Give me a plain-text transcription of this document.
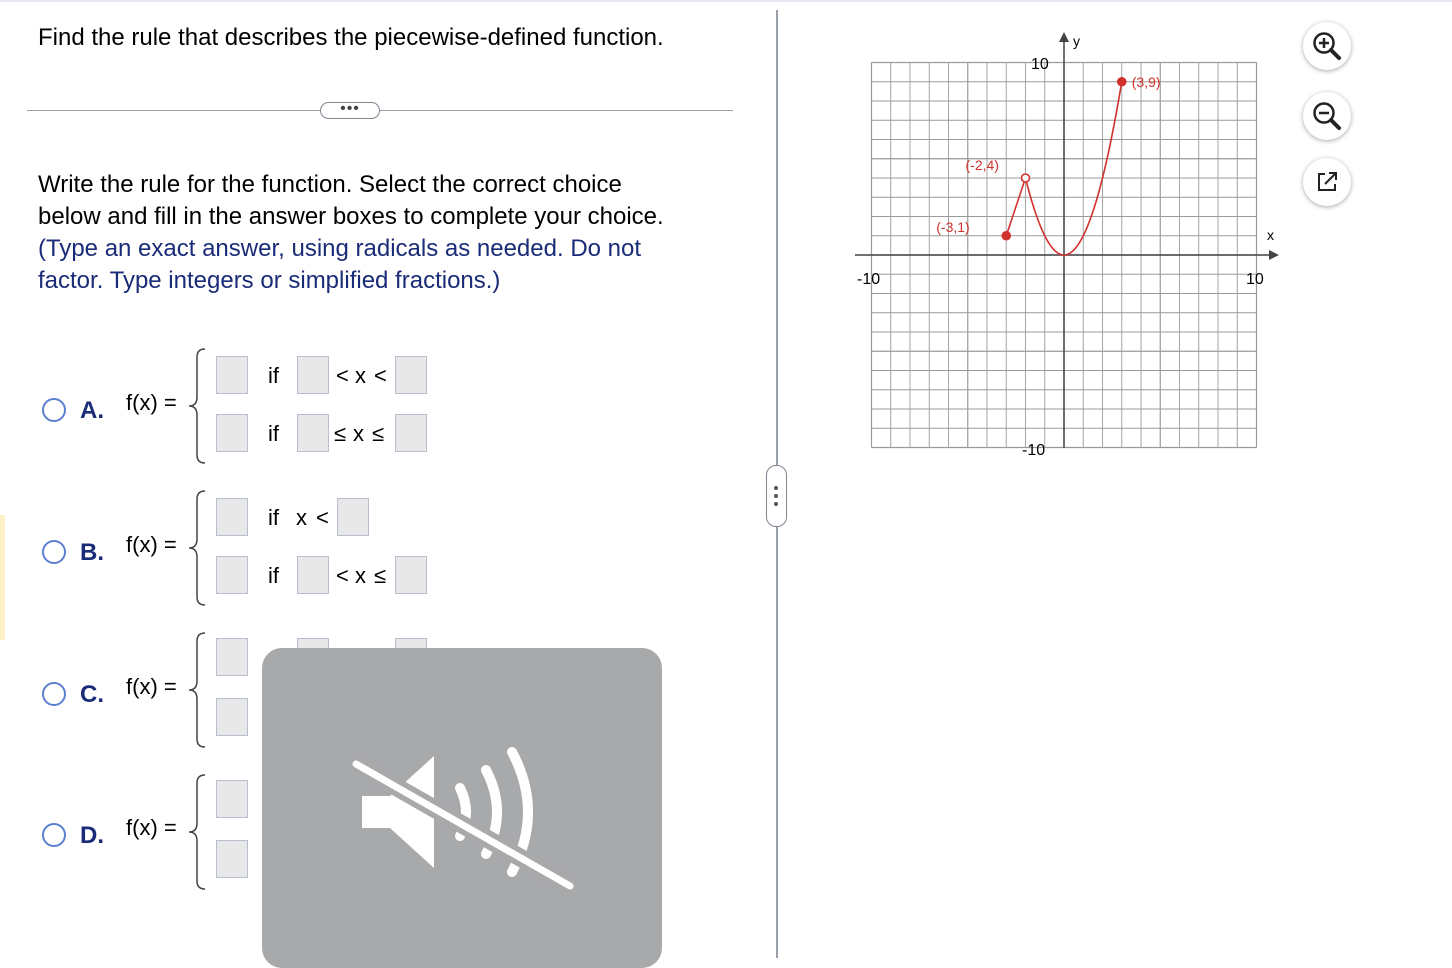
Find the rule that describes the piecewise-defined function.
•••
Write the rule for the function. Select the correct choice
below and fill in the answer boxes to complete your choice.
(Type an exact answer, using radicals as needed. Do not
factor. Type integers or simplified fractions.)
A. f(x) =
if	< x <
if	≤ x ≤
B. f(x) =
if x <
if	< x ≤
C. f(x) =
D. f(x) =
x
y
-10	10
10
-10
(-3,1)
(-2,4)
(3,9)
